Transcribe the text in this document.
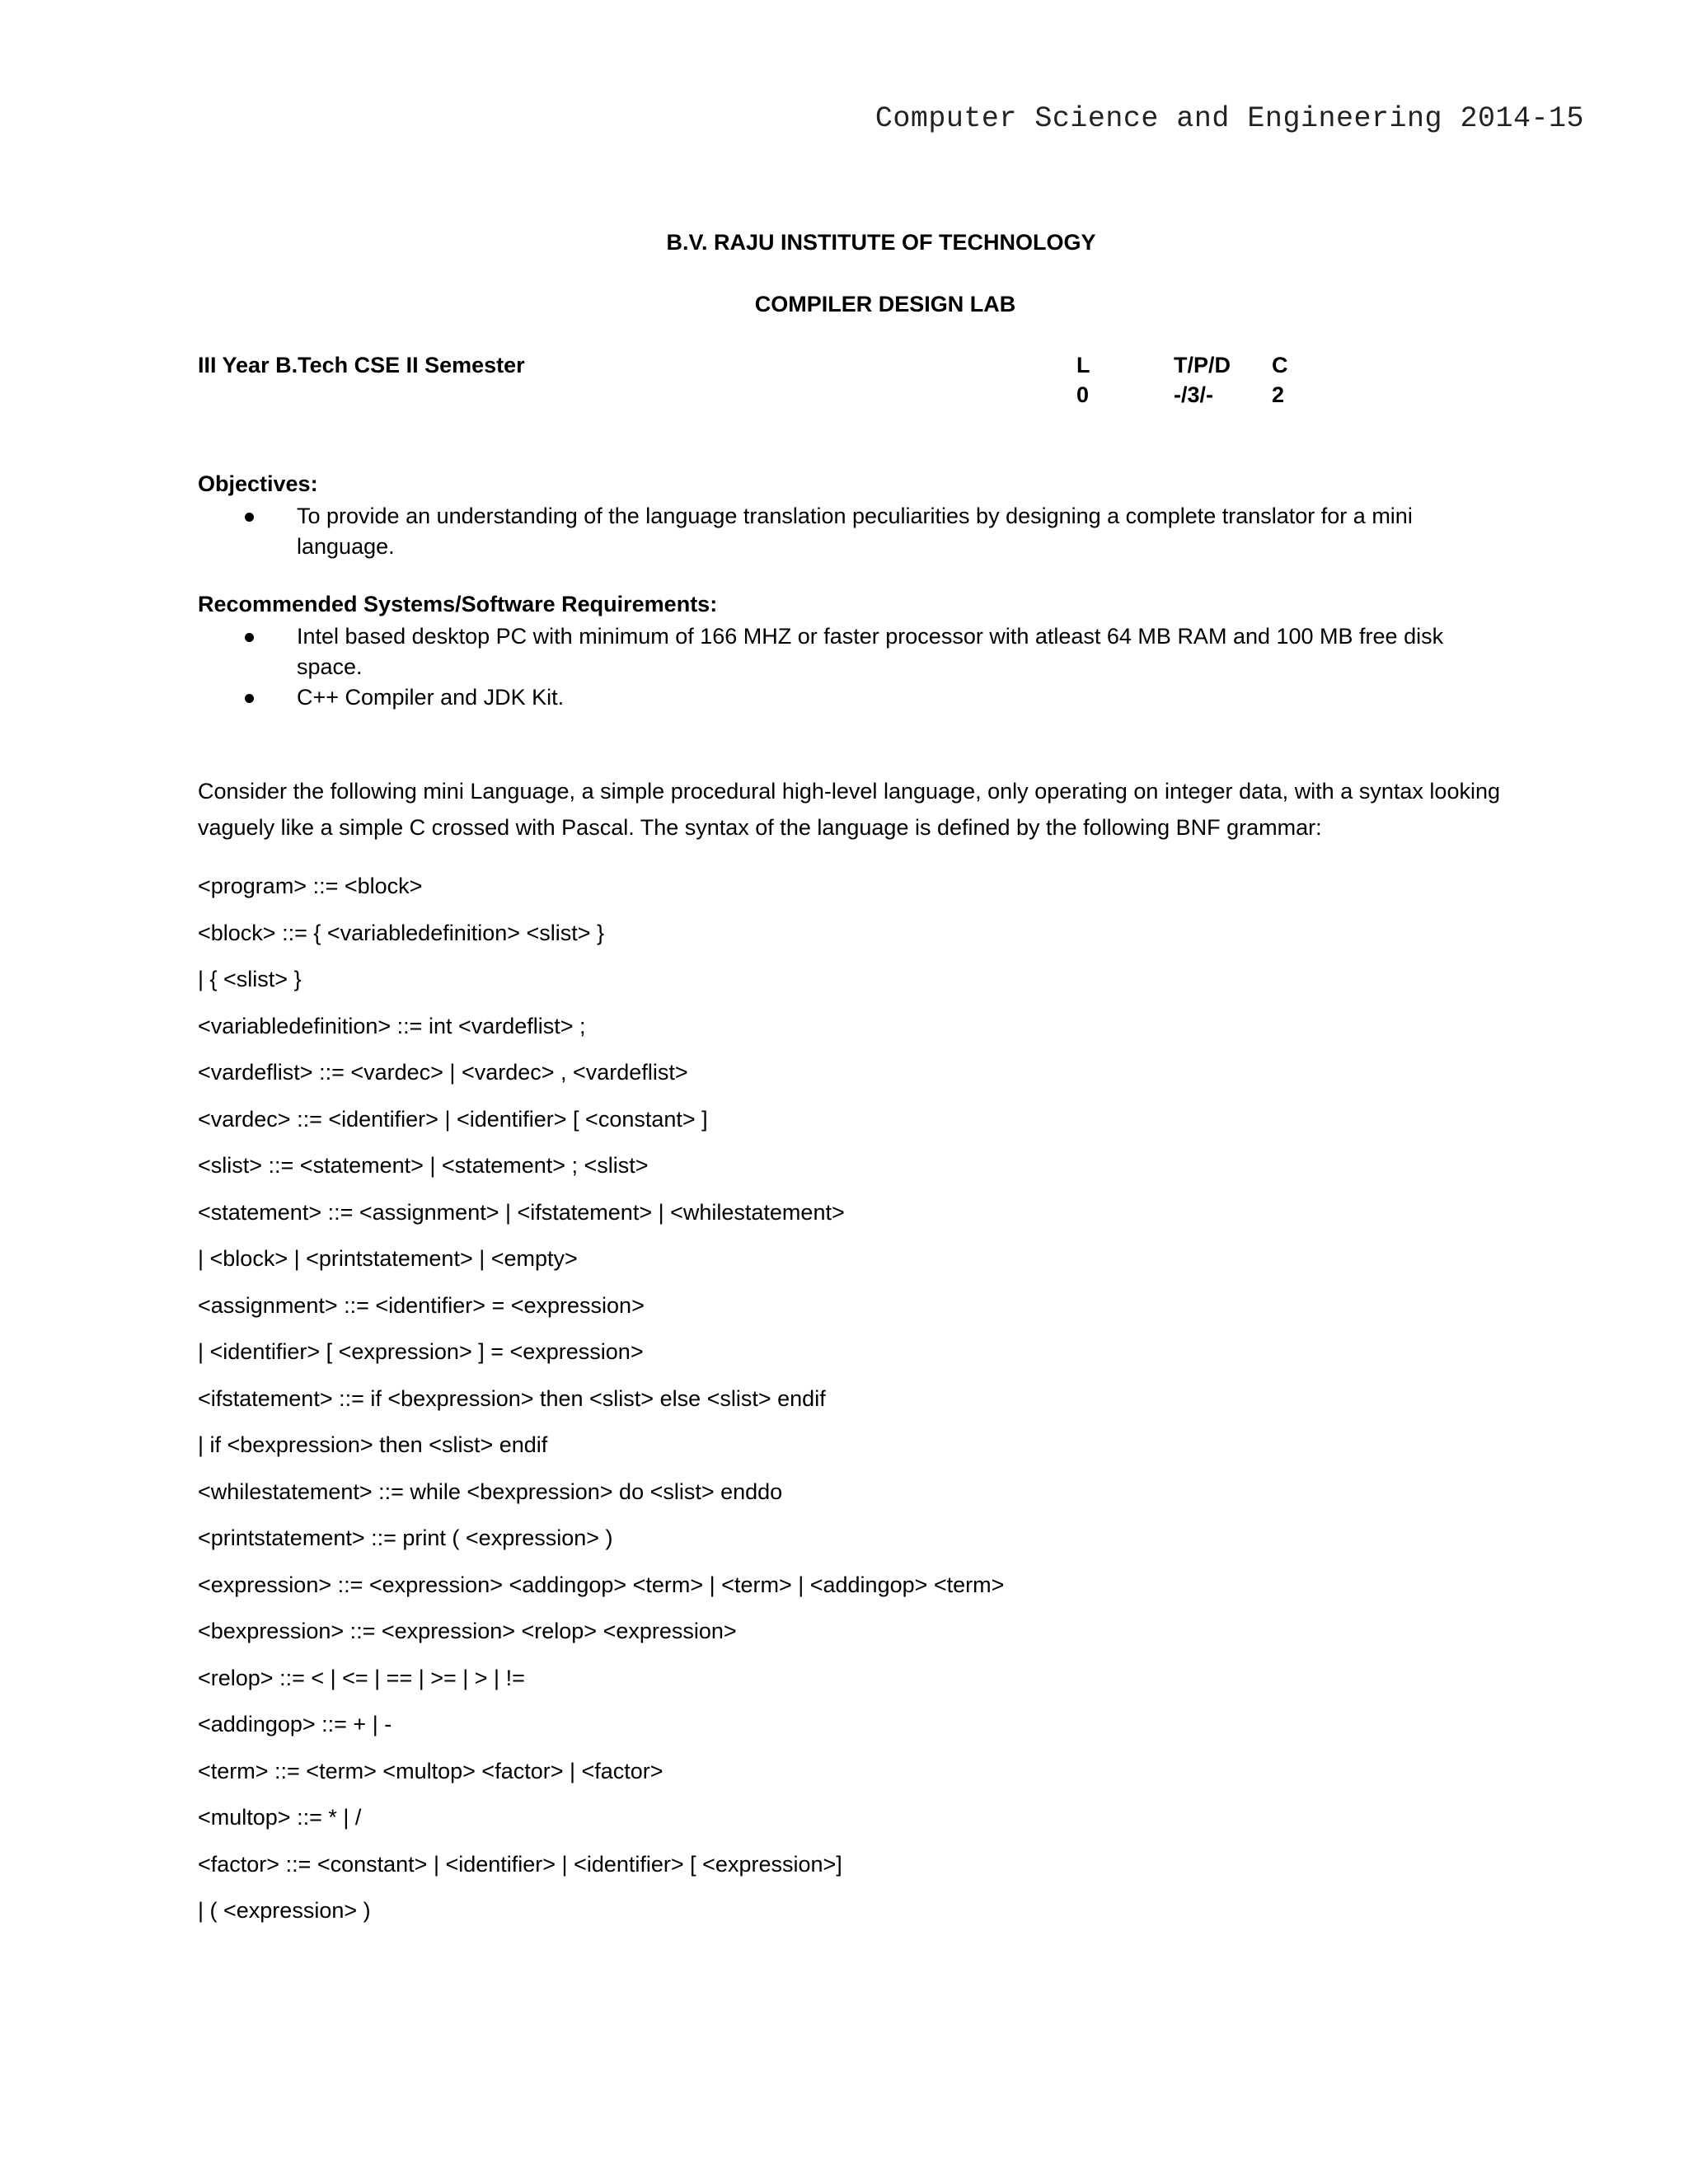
Computer Science and Engineering 2014-15
B.V. RAJU INSTITUTE OF TECHNOLOGY
COMPILER DESIGN LAB
III Year B.Tech CSE II Semester	L
0
T/P/D
-/3/-
C
2
Objectives:
To provide an understanding of the language translation peculiarities by designing a complete translator for a mini language.
Recommended Systems/Software Requirements:
Intel based desktop PC with minimum of 166 MHZ or faster processor with atleast 64 MB RAM and 100 MB free disk space.
C++ Compiler and JDK Kit.
Consider the following mini Language, a simple procedural high-level language, only operating on integer data, with a syntax looking vaguely like a simple C crossed with Pascal. The syntax of the language is defined by the following BNF grammar:
<program> ::= <block>
<block> ::= { <variabledefinition> <slist> }
| { <slist> }
<variabledefinition> ::= int <vardeflist> ;
<vardeflist> ::= <vardec> | <vardec> , <vardeflist>
<vardec> ::= <identifier> | <identifier> [ <constant> ]
<slist> ::= <statement> | <statement> ; <slist>
<statement> ::= <assignment> | <ifstatement> | <whilestatement>
| <block> | <printstatement> | <empty>
<assignment> ::= <identifier> = <expression>
| <identifier> [ <expression> ] = <expression>
<ifstatement> ::= if <bexpression> then <slist> else <slist> endif
| if <bexpression> then <slist> endif
<whilestatement> ::= while <bexpression> do <slist> enddo
<printstatement> ::= print ( <expression> )
<expression> ::= <expression> <addingop> <term> | <term> | <addingop> <term>
<bexpression> ::= <expression> <relop> <expression>
<relop> ::= < | <= | == | >= | > | !=
<addingop> ::= + | -
<term> ::= <term> <multop> <factor> | <factor>
<multop> ::= * | /
<factor> ::= <constant> | <identifier> | <identifier> [ <expression>]
| ( <expression> )
